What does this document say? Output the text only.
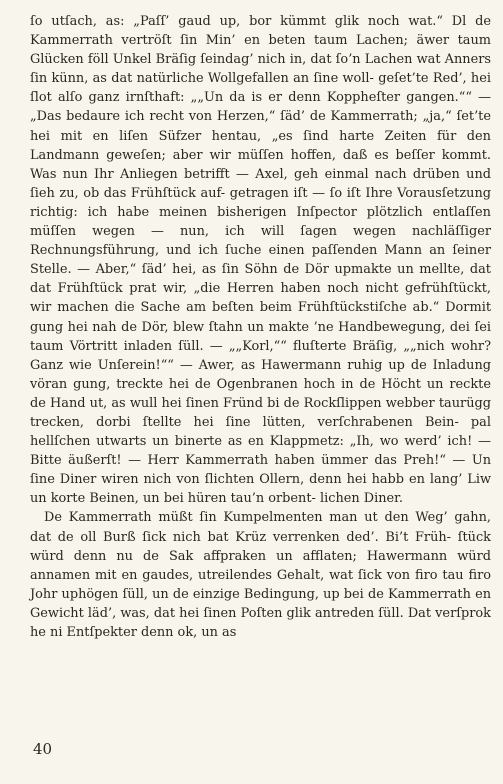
ſo utſach, as: „Paſſ’ gaud up, bor kümmt glik noch wat.“ Dl de Kammerrath vertröſt ſin Min’ en beten taum Lachen; äwer taum Glücken föll Unkel Bräſig ſeindag’ nich in, dat ſo’n Lachen wat Anners ſin künn, as dat natürliche Wollgefallen an ſine woll- geſet’te Red’, hei ſlot alſo ganz irnſthaft: „„Un da is er denn Koppheſter gangen.““ — „Das bedaure ich recht von Herzen,“ ſäd’ de Kammerrath; „ja,“ ſet’te hei mit en liſen Süfzer hentau, „es ſind harte Zeiten für den Landmann geweſen; aber wir müſſen hoffen, daß es beſſer kommt. Was nun Ihr Anliegen betrifft — Axel, geh einmal nach drüben und ſieh zu, ob das Frühſtück auf- getragen iſt — ſo iſt Ihre Vorausſetzung richtig: ich habe meinen bisherigen Inſpector plötzlich entlaſſen müſſen wegen — nun, ich will ſagen wegen nachläſſiger Rechnungsführung, und ich ſuche einen paſſenden Mann an ſeiner Stelle. — Aber,“ ſäd’ hei, as ſin Söhn de Dör upmakte un mellte, dat dat Frühſtück prat wir, „die Herren haben noch nicht gefrühſtückt, wir machen die Sache am beſten beim Frühſtückstiſche ab.“ Dormit gung hei nah de Dör, blew ſtahn un makte ’ne Handbewegung, dei ſei taum Vörtritt inladen ſüll. — „„Korl,““ fluſterte Bräſig, „„nich wohr? Ganz wie Unſerein!““ — Awer, as Hawermann ruhig up de Inladung vöran gung, treckte hei de Ogenbranen hoch in de Höcht un reckte de Hand ut, as wull hei ſinen Fründ bi de Rockſlippen webber taurügg trecken, dorbi ſtellte hei ſine lütten, verſchrabenen Bein- pal hellſchen utwarts un binerte as en Klappmetz: „Ih, wo werd’ ich! — Bitte äußerſt! — Herr Kammerrath haben ümmer das Preh!“ — Un ſine Diner wiren nich von ſlichten Ollern, denn hei habb en lang’ Liw un korte Beinen, un bei hüren tau’n orbent- lichen Diner.

De Kammerrath müßt ſin Kumpelmenten man ut den Weg’ gahn, dat de oll Burß ſick nich bat Krüz verrenken ded’. Bi’t Früh- ſtück würd denn nu de Sak affpraken un afflaten; Hawermann würd annamen mit en gaudes, utreilendes Gehalt, wat ſick von firo tau firo Johr uphögen ſüll, un de einzige Bedingung, up bei de Kammerrath en Gewicht läd’, was, dat hei ſinen Poſten glik antreden ſüll. Dat verſprok he ni Entſpekter denn ok, un as

40
